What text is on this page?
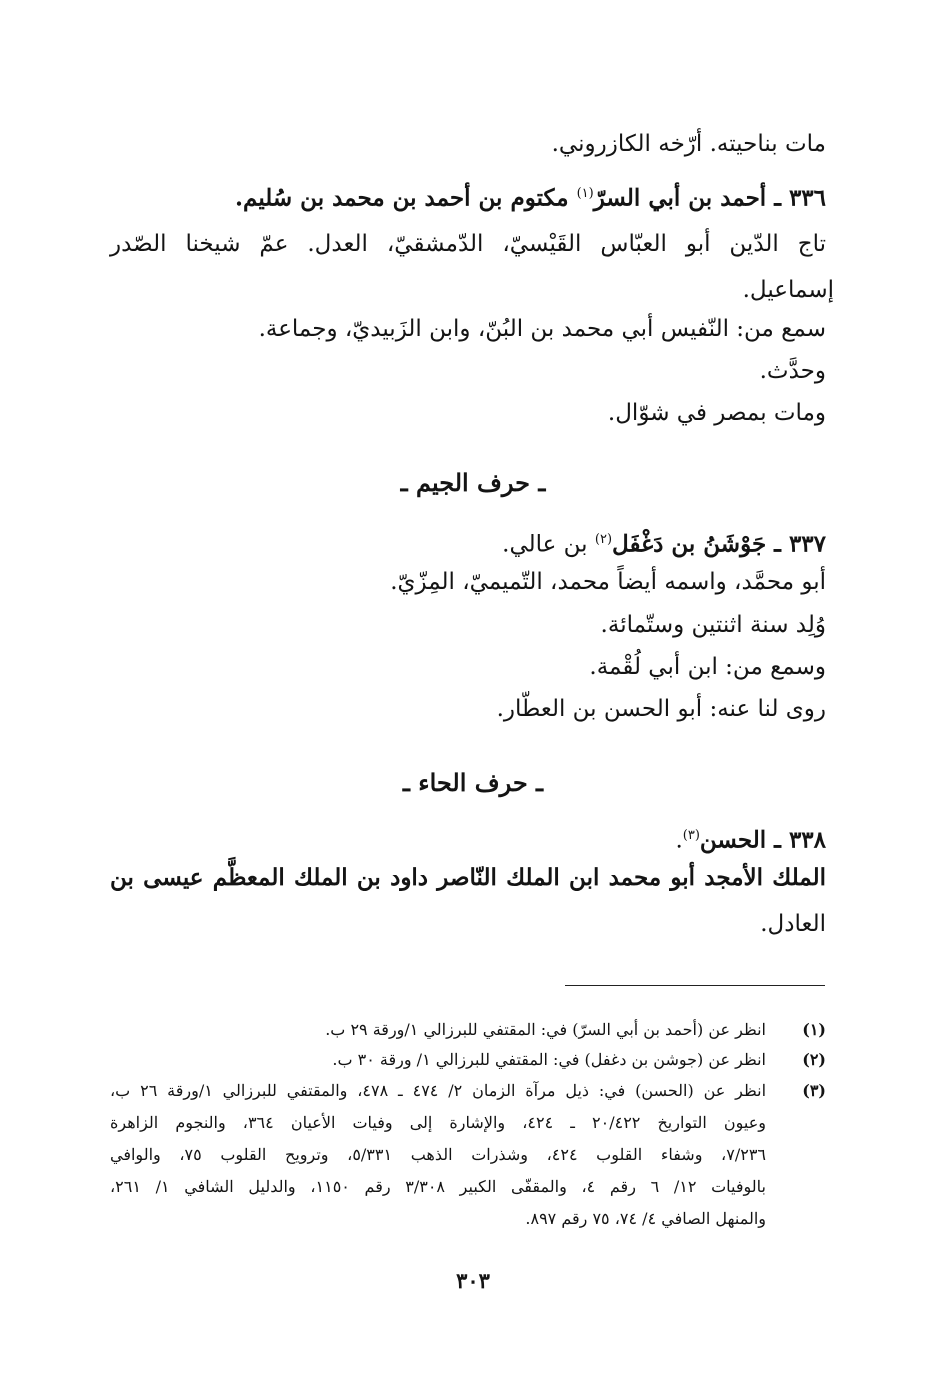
مات بناحيته. أرّخه الكازروني.
٣٣٦ ـ أحمد بن أبي السرّ$^{(١)}$ مكتوم بن أحمد بن محمد بن سُليم.
تاج الدّين أبو العبّاس القَيْسيّ، الدّمشقيّ، العدل. عمّ شيخنا الصّدر
إسماعيل.
سمع من: النّفيس أبي محمد بن البُنّ، وابن الزَبيديّ، وجماعة.
وحدَّث.
ومات بمصر في شوّال.
ـ حرف الجيم ـ
٣٣٧ ـ جَوْشَنُ بن دَغْفَل$^{(٢)}$ بن عالي.
أبو محمَّد، واسمه أيضاً محمد، التّميميّ، المِزّيّ.
وُلِد سنة اثنتين وستّمائة.
وسمع من: ابن أبي لُقْمة.
روى لنا عنه: أبو الحسن بن العطّار.
ـ حرف الحاء ـ
٣٣٨ ـ الحسن$^{(٣)}$.
الملك الأمجد أبو محمد ابن الملك النّاصر داود بن الملك المعظَّم عيسى بن
العادل.
(١)
انظر عن (أحمد بن أبي السرّ) في: المقتفي للبرزالي ١/ورقة ٢٩ ب.
(٢)
انظر عن (جوشن بن دغفل) في: المقتفي للبرزالي ١/ ورقة ٣٠ ب.
(٣)
انظر عن (الحسن) في: ذيل مرآة الزمان ٢/ ٤٧٤ ـ ٤٧٨، والمقتفي للبرزالي ١/ورقة ٢٦ ب،
وعيون التواريخ ٢٠/٤٢٢ ـ ٤٢٤، والإشارة إلى وفيات الأعيان ٣٦٤، والنجوم الزاهرة
٧/٢٣٦، وشفاء القلوب ٤٢٤، وشذرات الذهب ٥/٣٣١، وترويح القلوب ٧٥، والوافي
بالوفيات ١٢/ ٦ رقم ٤، والمقفّى الكبير ٣/٣٠٨ رقم ١١٥٠، والدليل الشافي ١/ ٢٦١،
والمنهل الصافي ٤/ ٧٤، ٧٥ رقم ٨٩٧.
٣٠٣
